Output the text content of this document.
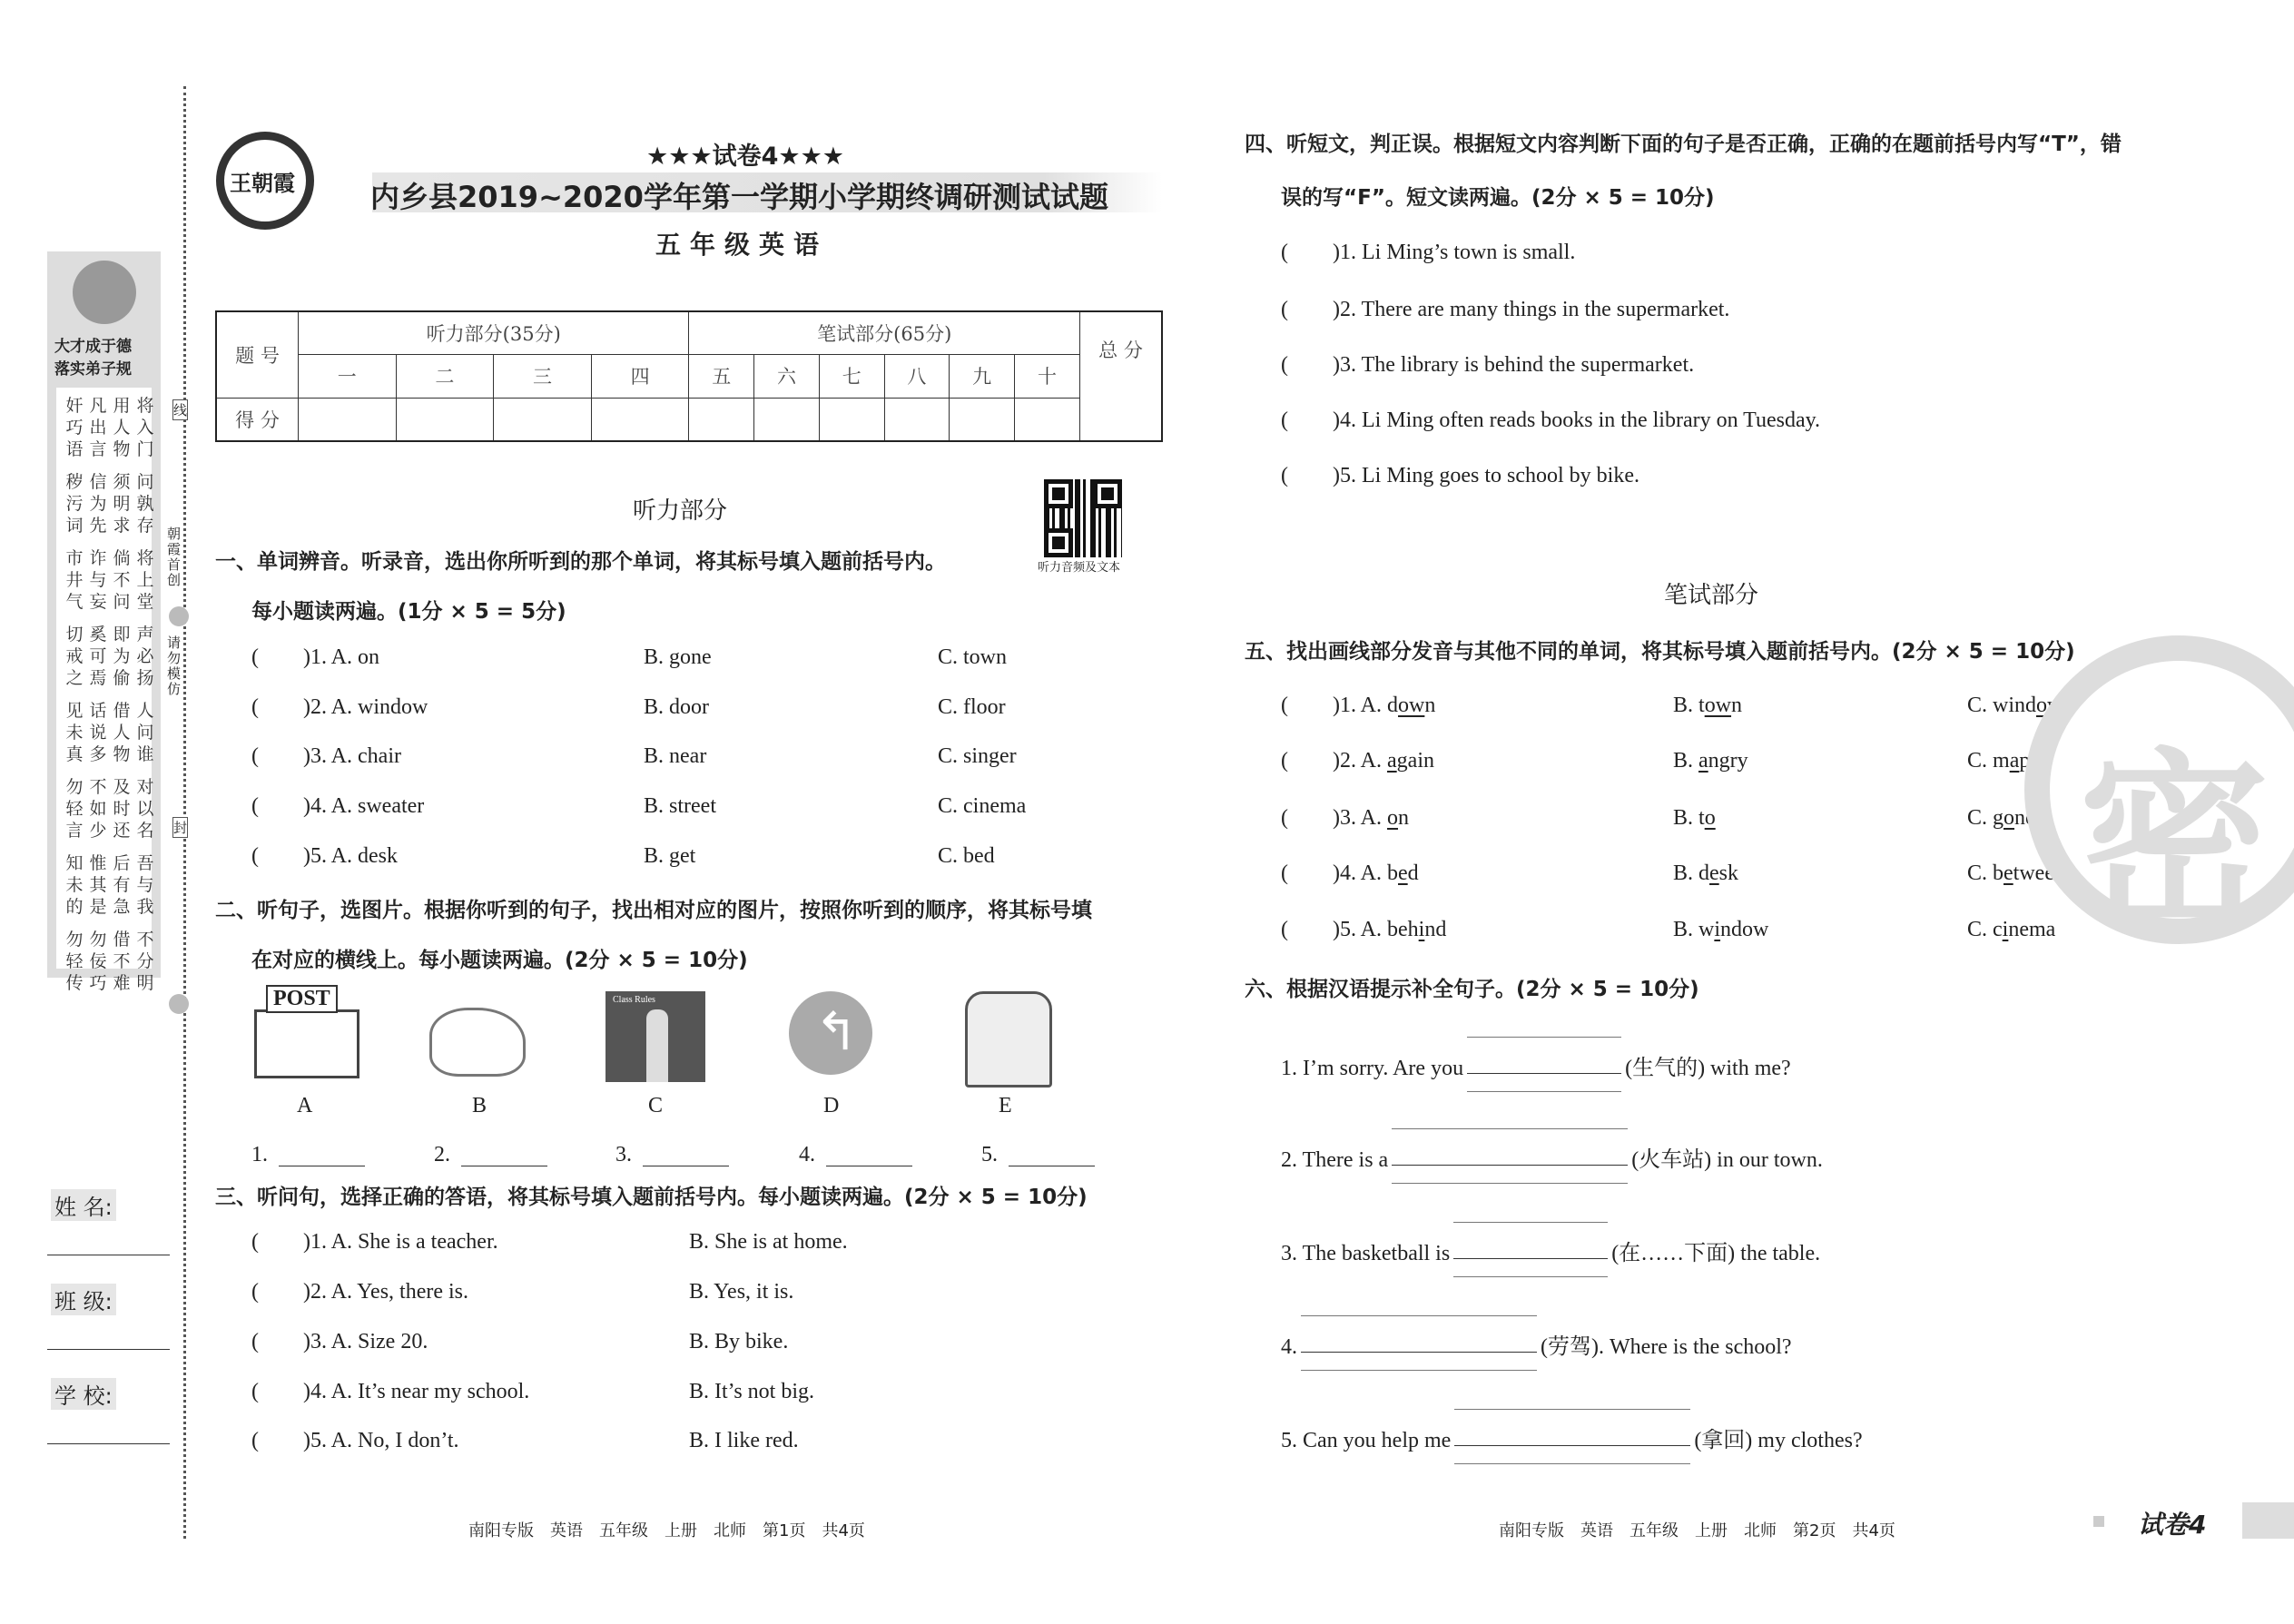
大才成于德
落实弟子规
奸 凡 用 将
巧 出 人 入
语 言 物 门
秽 信 须 问
污 为 明 孰
词 先 求 存
市 诈 倘 将
井 与 不 上
气 妄 问 堂
切 奚 即 声
戒 可 为 必
之 焉 偷 扬
见 话 借 人
未 说 人 问
真 多 物 谁
勿 不 及 对
轻 如 时 以
言 少 还 名
知 惟 后 吾
未 其 有 与
的 是 急 我
勿 勿 借 不
轻 佞 不 分
传 巧 难 明
线
朝霞首创
请勿模仿
封
姓 名:
班 级:
学 校:
王朝霞
★★★试卷4★★★
内乡县2019~2020学年第一学期小学期终调研测试试题
五年级英语
题 号	听力部分(35分)				笔试部分(65分)						总 分
	一	二	三	四	五	六	七	八	九	十	
得 分											
听力部分
听力音频及文本
一、单词辨音。听录音，选出你所听到的那个单词，将其标号填入题前括号内。
每小题读两遍。(1分 × 5 = 5分)
( ) 1. A. on	B. gone	C. town
( ) 2. A. window	B. door	C. floor
( ) 3. A. chair	B. near	C. singer
( ) 4. A. sweater	B. street	C. cinema
( ) 5. A. desk	B. get	C. bed
二、听句子，选图片。根据你听到的句子，找出相对应的图片，按照你听到的顺序，将其标号填
在对应的横线上。每小题读两遍。(2分 × 5 = 10分)
POST
A	B
Class Rules
C
↰
D	E
1.	2.	3.	4.	5.
三、听问句，选择正确的答语，将其标号填入题前括号内。每小题读两遍。(2分 × 5 = 10分)
( ) 1. A. She is a teacher.	B. She is at home.
( ) 2. A. Yes, there is.	B. Yes, it is.
( ) 3. A. Size 20.	B. By bike.
( ) 4. A. It’s near my school.	B. It’s not big.
( ) 5. A. No, I don’t.	B. I like red.
四、听短文，判正误。根据短文内容判断下面的句子是否正确，正确的在题前括号内写“T”，错
误的写“F”。短文读两遍。(2分 × 5 = 10分)
( ) 1. Li Ming’s town is small.
( ) 2. There are many things in the supermarket.
( ) 3. The library is behind the supermarket.
( ) 4. Li Ming often reads books in the library on Tuesday.
( ) 5. Li Ming goes to school by bike.
笔试部分
五、找出画线部分发音与其他不同的单词，将其标号填入题前括号内。(2分 × 5 = 10分)
( ) 1. A. down	B. town	C. window
( ) 2. A. again	B. angry	C. map
( ) 3. A. on	B. to	C. gone
( ) 4. A. bed	B. desk	C. between
( ) 5. A. behind	B. window	C. cinema
六、根据汉语提示补全句子。(2分 × 5 = 10分)
1. I’m sorry. Are you	(生气的) with me?
2. There is a	(火车站) in our town.
3. The basketball is	(在……下面) the table.
4.	(劳驾). Where is the school?
5. Can you help me	(拿回) my clothes?
密
南阳专版　英语　五年级　上册　北师　第1页　共4页	南阳专版　英语　五年级　上册　北师　第2页　共4页	试卷4
